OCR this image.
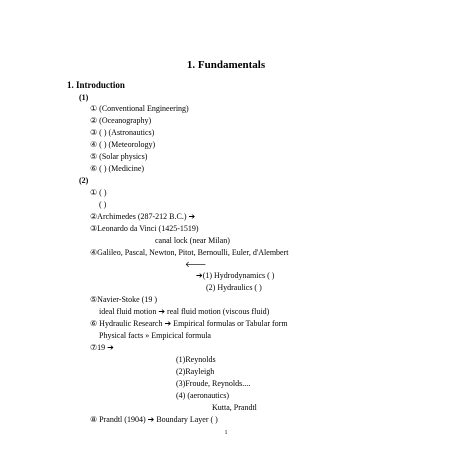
1. Fundamentals
1. Introduction
(1)
① (Conventional Engineering)
② (Oceanography)
③ ( ) (Astronautics)
④ ( ) (Meteorology)
⑤ (Solar physics)
⑥ ( ) (Medicine)
(2)
① ( )
( )
②Archimedes (287-212 B.C.) ➔
③Leonardo da Vinci (1425-1519)
canal lock (near Milan)
④Galileo, Pascal, Newton, Pitot, Bernoulli, Euler, d'Alembert
🡐
➔(1) Hydrodynamics ( )
(2) Hydraulics ( )
⑤Navier-Stoke (19 )
ideal fluid motion ➔ real fluid motion (viscous fluid)
⑥ Hydraulic Research ➔ Empirical formulas or Tabular form
Physical facts » Empicical formula
⑦19 ➔
(1)Reynolds
(2)Rayleigh
(3)Froude, Reynolds....
(4) (aeronautics)
Kutta, Prandtl
⑧ Prandtl (1904) ➔ Boundary Layer ( )
1
